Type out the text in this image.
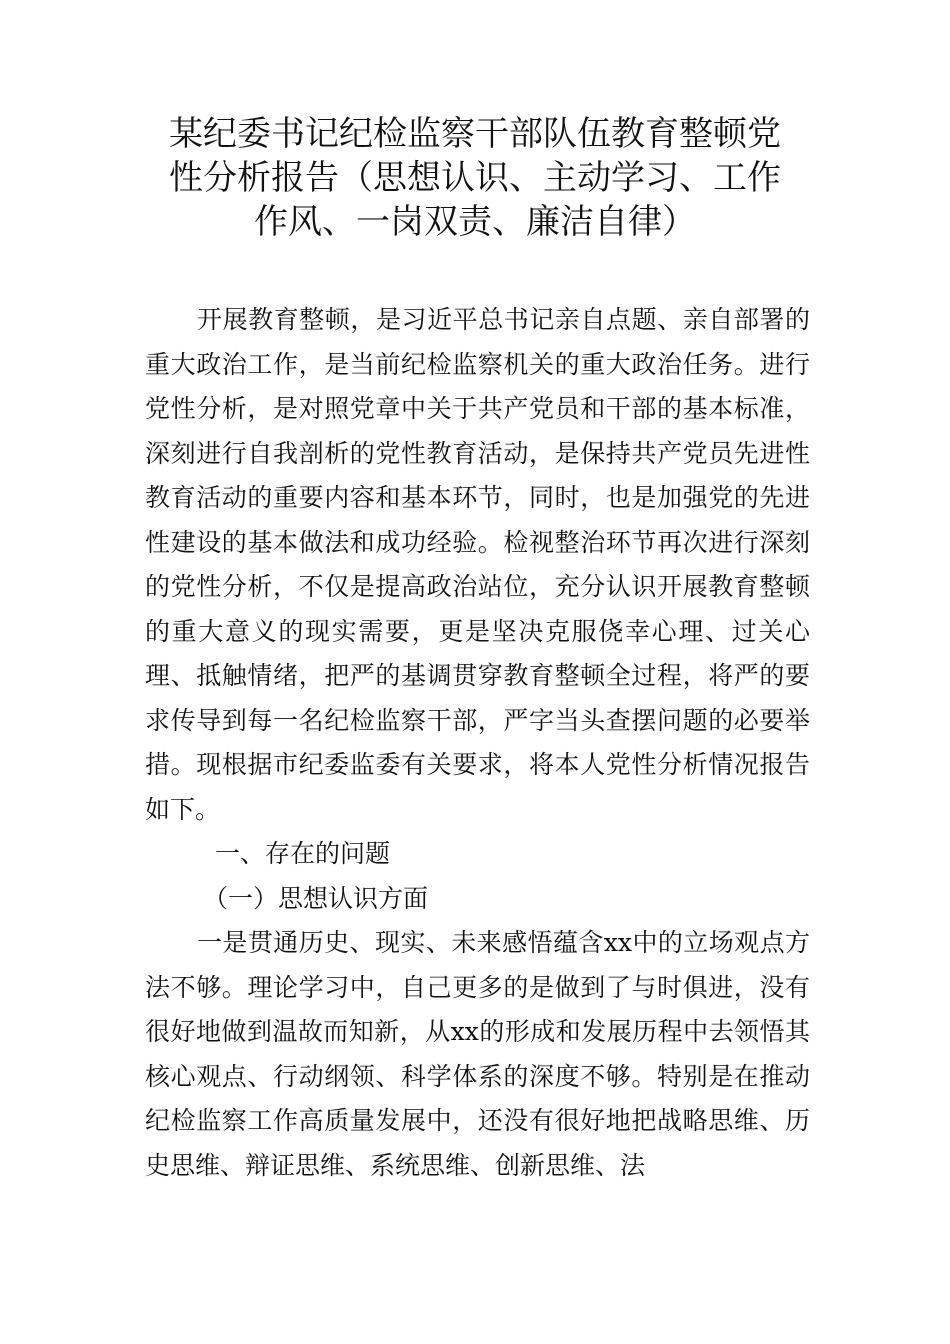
某纪委书记纪检监察干部队伍教育整顿党
性分析报告（思想认识、主动学习、工作
作风、一岗双责、廉洁自律）

开展教育整顿，是习近平总书记亲自点题、亲自部署的重大政治工作，是当前纪检监察机关的重大政治任务。进行党性分析，是对照党章中关于共产党员和干部的基本标准，深刻进行自我剖析的党性教育活动，是保持共产党员先进性教育活动的重要内容和基本环节，同时，也是加强党的先进性建设的基本做法和成功经验。检视整治环节再次进行深刻的党性分析，不仅是提高政治站位，充分认识开展教育整顿的重大意义的现实需要，更是坚决克服侥幸心理、过关心理、抵触情绪，把严的基调贯穿教育整顿全过程，将严的要求传导到每一名纪检监察干部，严字当头查摆问题的必要举措。现根据市纪委监委有关要求，将本人党性分析情况报告如下。

一、存在的问题

（一）思想认识方面

一是贯通历史、现实、未来感悟蕴含xx中的立场观点方法不够。理论学习中，自己更多的是做到了与时俱进，没有很好地做到温故而知新，从xx的形成和发展历程中去领悟其核心观点、行动纲领、科学体系的深度不够。特别是在推动纪检监察工作高质量发展中，还没有很好地把战略思维、历史思维、辩证思维、系统思维、创新思维、法
